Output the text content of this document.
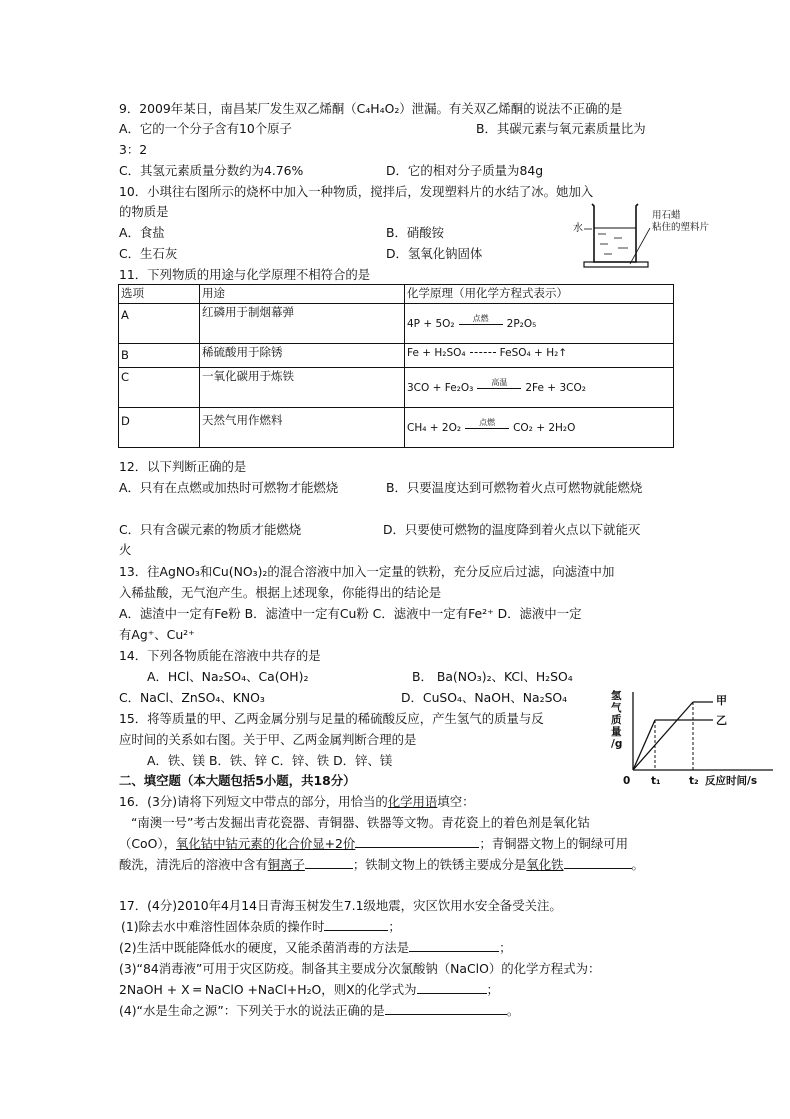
9．2009年某日，南昌某厂发生双乙烯酮（C₄H₄O₂）泄漏。有关双乙烯酮的说法不正确的是
A．它的一个分子含有10个原子	B．其碳元素与氧元素质量比为
3：2
C．其氢元素质量分数约为4.76%	D．它的相对分子质量为84g
10．小琪往右图所示的烧杯中加入一种物质，搅拌后，发现塑料片的水结了冰。她加入
的物质是
A．食盐	B．硝酸铵
C．生石灰	D．氢氧化钠固体
水
用石蜡
粘住的塑料片
11．下列物质的用途与化学原理不相符合的是
选项	用途	化学原理（用化学方程式表示）

A	红磷用于制烟幕弹	4P + 5O₂ 点燃 2P₂O₅

B	稀硫酸用于除锈	Fe + H₂SO₄ FeSO₄ + H₂↑

C	一氧化碳用于炼铁	3CO + Fe₂O₃ 高温 2Fe + 3CO₂

D	天然气用作燃料	CH₄ + 2O₂ 点燃 CO₂ + 2H₂O
12．以下判断正确的是
A．只有在点燃或加热时可燃物才能燃烧	B．只要温度达到可燃物着火点可燃物就能燃烧
C．只有含碳元素的物质才能燃烧	D．只要使可燃物的温度降到着火点以下就能灭
火
13．往AgNO₃和Cu(NO₃)₂的混合溶液中加入一定量的铁粉，充分反应后过滤，向滤渣中加
入稀盐酸，无气泡产生。根据上述现象，你能得出的结论是
A．滤渣中一定有Fe粉 B．滤渣中一定有Cu粉 C．滤液中一定有Fe²⁺ D．滤液中一定
有Ag⁺、Cu²⁺
14．下列各物质能在溶液中共存的是
A．HCl、Na₂SO₄、Ca(OH)₂	B． Ba(NO₃)₂、KCl、H₂SO₄
C．NaCl、ZnSO₄、KNO₃	D．CuSO₄、NaOH、Na₂SO₄
15．将等质量的甲、乙两金属分别与足量的稀硫酸反应，产生氢气的质量与反
应时间的关系如右图。关于甲、乙两金属判断合理的是
A．铁、镁 B．铁、锌 C．锌、铁 D．锌、镁
氢
气
质
量
/g
甲
乙
0 t₁	t₂ 反应时间/s
二、填空题（本大题包括5小题，共18分）
16．(3分)请将下列短文中带点的部分，用恰当的化学用语填空：
“南澳一号”考古发掘出青花瓷器、青铜器、铁器等文物。青花瓷上的着色剂是氧化钴
（CoO），氧化钴中钴元素的化合价显+2价	；青铜器文物上的铜绿可用
酸洗，清洗后的溶液中含有铜离子	；铁制文物上的铁锈主要成分是氧化铁	。
17．(4分)2010年4月14日青海玉树发生7.1级地震，灾区饮用水安全备受关注。
(1)除去水中难溶性固体杂质的操作时	；
(2)生活中既能降低水的硬度，又能杀菌消毒的方法是	；
(3)“84消毒液”可用于灾区防疫。制备其主要成分次氯酸钠（NaClO）的化学方程式为：
2NaOH + X ═ NaClO +NaCl+H₂O，则X的化学式为	；
(4)“水是生命之源”：下列关于水的说法正确的是	。
